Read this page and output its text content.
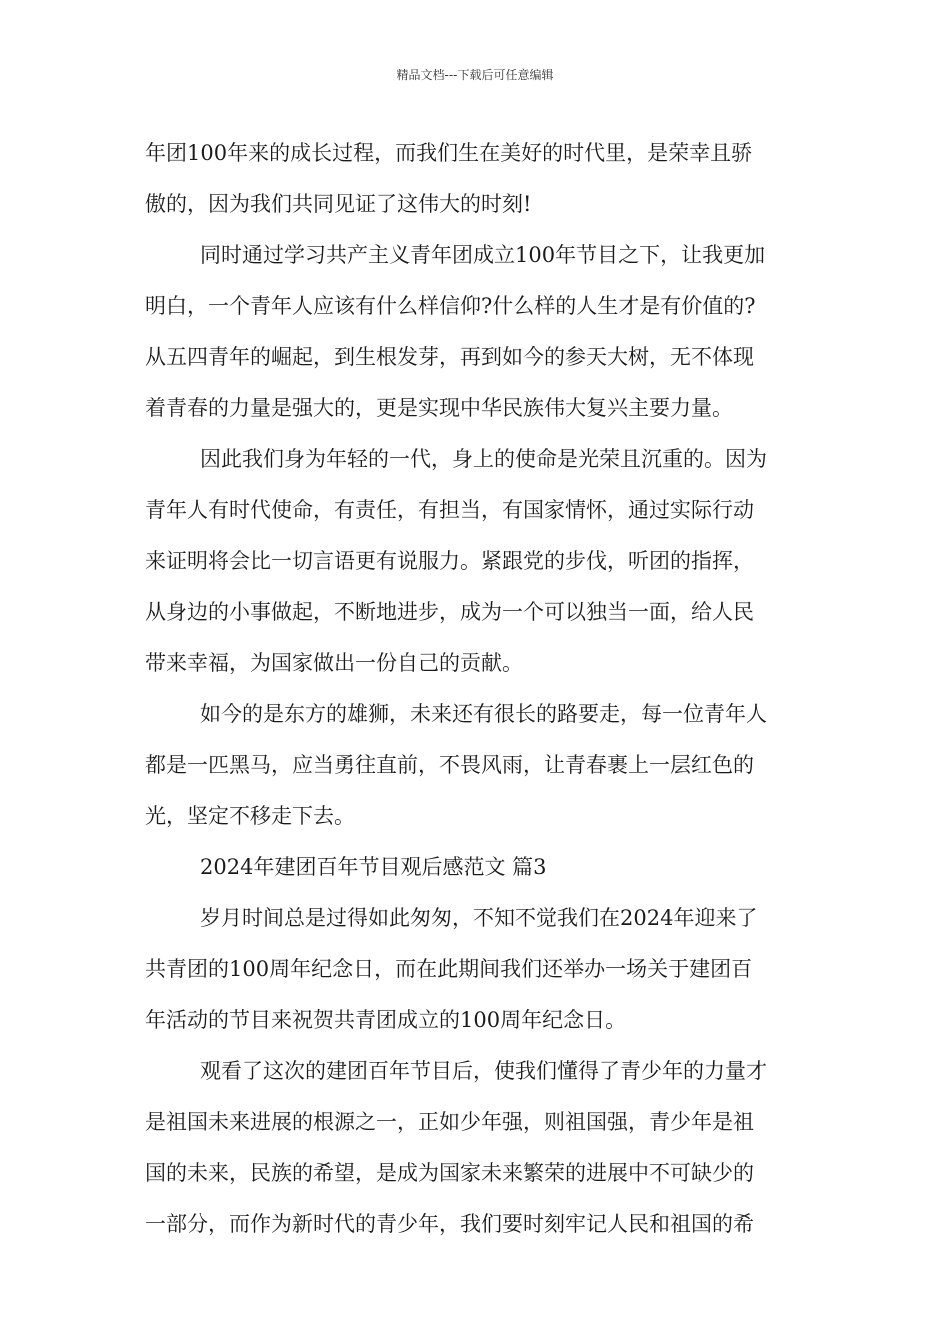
精品文档---下载后可任意编辑
年团100年来的成长过程，而我们生在美好的时代里，是荣幸且骄
傲的，因为我们共同见证了这伟大的时刻!
同时通过学习共产主义青年团成立100年节目之下，让我更加
明白，一个青年人应该有什么样信仰?什么样的人生才是有价值的?
从五四青年的崛起，到生根发芽，再到如今的参天大树，无不体现
着青春的力量是强大的，更是实现中华民族伟大复兴主要力量。
因此我们身为年轻的一代，身上的使命是光荣且沉重的。因为
青年人有时代使命，有责任，有担当，有国家情怀，通过实际行动
来证明将会比一切言语更有说服力。紧跟党的步伐，听团的指挥，
从身边的小事做起，不断地进步，成为一个可以独当一面，给人民
带来幸福，为国家做出一份自己的贡献。
如今的是东方的雄狮，未来还有很长的路要走，每一位青年人
都是一匹黑马，应当勇往直前，不畏风雨，让青春裹上一层红色的
光，坚定不移走下去。
2024年建团百年节目观后感范文 篇3
岁月时间总是过得如此匆匆，不知不觉我们在2024年迎来了
共青团的100周年纪念日，而在此期间我们还举办一场关于建团百
年活动的节目来祝贺共青团成立的100周年纪念日。
观看了这次的建团百年节目后，使我们懂得了青少年的力量才
是祖国未来进展的根源之一，正如少年强，则祖国强，青少年是祖
国的未来，民族的希望，是成为国家未来繁荣的进展中不可缺少的
一部分，而作为新时代的青少年，我们要时刻牢记人民和祖国的希
